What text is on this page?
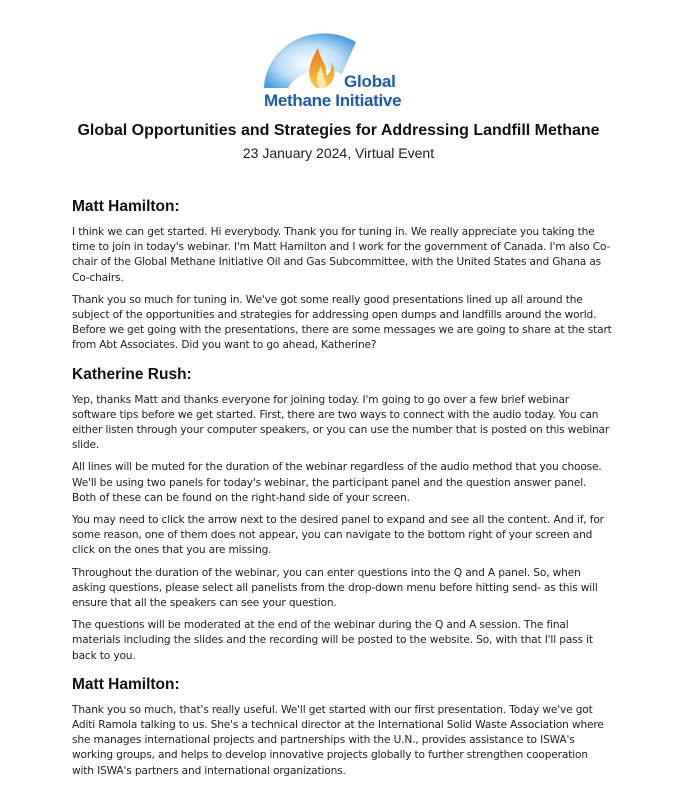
Global
Methane Initiative
Global Opportunities and Strategies for Addressing Landfill Methane
23 January 2024, Virtual Event
Matt Hamilton:

I think we can get started. Hi everybody. Thank you for tuning in. We really appreciate you taking the time to join in today's webinar. I'm Matt Hamilton and I work for the government of Canada. I'm also Co-chair of the Global Methane Initiative Oil and Gas Subcommittee, with the United States and Ghana as Co-chairs.

Thank you so much for tuning in. We've got some really good presentations lined up all around the subject of the opportunities and strategies for addressing open dumps and landfills around the world. Before we get going with the presentations, there are some messages we are going to share at the start from Abt Associates. Did you want to go ahead, Katherine?

Katherine Rush:

Yep, thanks Matt and thanks everyone for joining today. I'm going to go over a few brief webinar software tips before we get started. First, there are two ways to connect with the audio today. You can either listen through your computer speakers, or you can use the number that is posted on this webinar slide.

All lines will be muted for the duration of the webinar regardless of the audio method that you choose. We'll be using two panels for today's webinar, the participant panel and the question answer panel. Both of these can be found on the right-hand side of your screen.

You may need to click the arrow next to the desired panel to expand and see all the content. And if, for some reason, one of them does not appear, you can navigate to the bottom right of your screen and click on the ones that you are missing.

Throughout the duration of the webinar, you can enter questions into the Q and A panel. So, when asking questions, please select all panelists from the drop-down menu before hitting send- as this will ensure that all the speakers can see your question.

The questions will be moderated at the end of the webinar during the Q and A session. The final materials including the slides and the recording will be posted to the website. So, with that I'll pass it back to you.

Matt Hamilton:

Thank you so much, that's really useful. We'll get started with our first presentation. Today we've got Aditi Ramola talking to us. She's a technical director at the International Solid Waste Association where she manages international projects and partnerships with the U.N., provides assistance to ISWA's working groups, and helps to develop innovative projects globally to further strengthen cooperation with ISWA's partners and international organizations.
